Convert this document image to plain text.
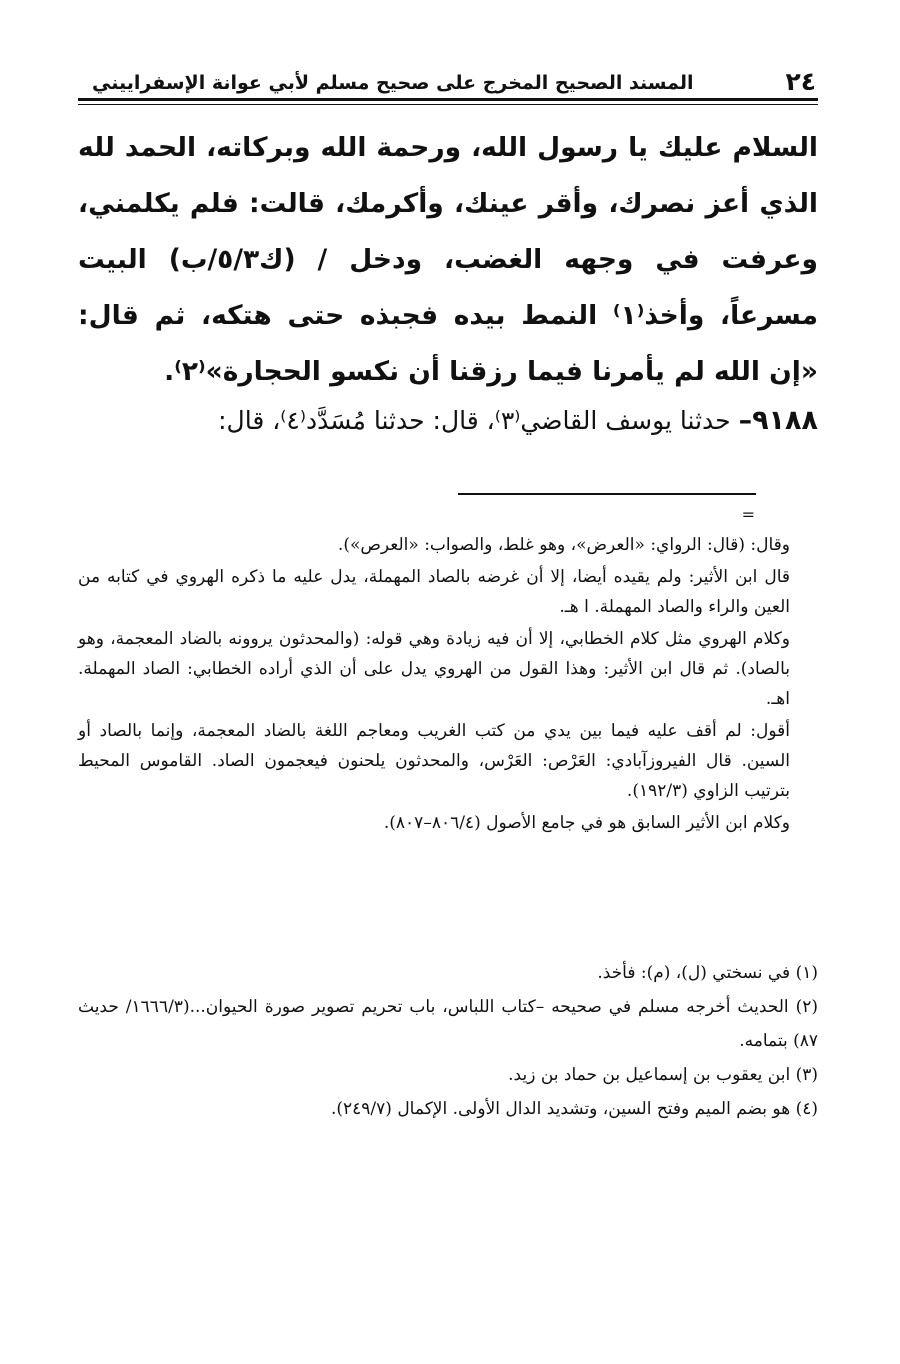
٢٤
المسند الصحيح المخرج على صحيح مسلم لأبي عوانة الإسفراييني

السلام عليك يا رسول الله، ورحمة الله وبركاته، الحمد لله الذي أعز نصرك، وأقر عينك، وأكرمك، قالت: فلم يكلمني، وعرفت في وجهه الغضب، ودخل / (ك٥/٣/ب) البيت مسرعاً، وأخذ⁽١⁾ النمط بيده فجبذه حتى هتكه، ثم قال: «إن الله لم يأمرنا فيما رزقنا أن نكسو الحجارة»⁽٢⁾.

٩١٨٨– حدثنا يوسف القاضي⁽٣⁾، قال: حدثنا مُسَدَّد⁽٤⁾، قال:
=

وقال: (قال: الرواي: «العرض»، وهو غلط، والصواب: «العرص»).

قال ابن الأثير: ولم يقيده أيضا، إلا أن غرضه بالصاد المهملة، يدل عليه ما ذكره الهروي في كتابه من العين والراء والصاد المهملة. ا هـ.

وكلام الهروي مثل كلام الخطابي، إلا أن فيه زيادة وهي قوله: (والمحدثون يروونه بالضاد المعجمة، وهو بالصاد). ثم قال ابن الأثير: وهذا القول من الهروي يدل على أن الذي أراده الخطابي: الصاد المهملة. اهـ.

أقول: لم أقف عليه فيما بين يدي من كتب الغريب ومعاجم اللغة بالضاد المعجمة، وإنما بالصاد أو السين. قال الفيروزآبادي: العَرْص: العَرْس، والمحدثون يلحنون فيعجمون الصاد. القاموس المحيط بترتيب الزاوي (١٩٢/٣).

وكلام ابن الأثير السابق هو في جامع الأصول (٨٠٦/٤–٨٠٧).

(١) في نسختي (ل)، (م): فأخذ.

(٢) الحديث أخرجه مسلم في صحيحه –كتاب اللباس، باب تحريم تصوير صورة الحيوان...(١٦٦٦/٣/ حديث ٨٧) بتمامه.

(٣) ابن يعقوب بن إسماعيل بن حماد بن زيد.

(٤) هو بضم الميم وفتح السين، وتشديد الدال الأولى. الإكمال (٢٤٩/٧).
